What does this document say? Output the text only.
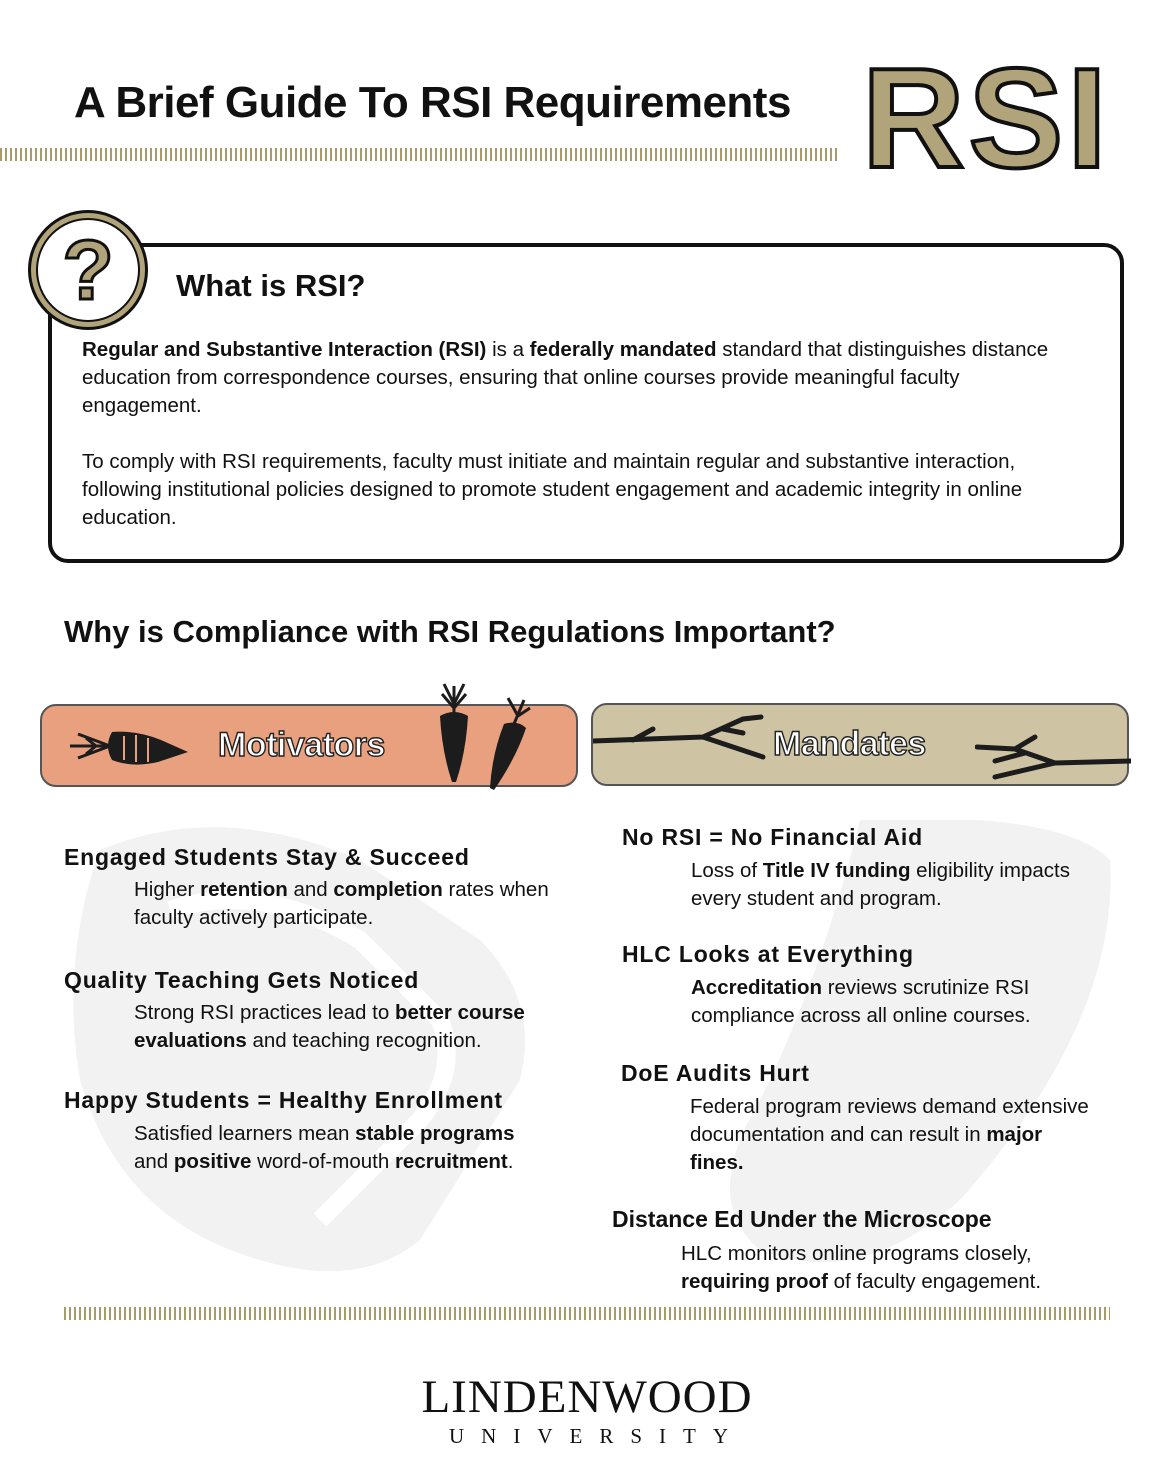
A Brief Guide To RSI Requirements RSI
? What is RSI?
Regular and Substantive Interaction (RSI) is a federally mandated standard that distinguishes distance education from correspondence courses, ensuring that online courses provide meaningful faculty engagement.
To comply with RSI requirements, faculty must initiate and maintain regular and substantive interaction, following institutional policies designed to promote student engagement and academic integrity in online education.
Why is Compliance with RSI Regulations Important?
Motivators	Mandates
Engaged Students Stay & Succeed
Higher retention and completion rates when faculty actively participate.
Quality Teaching Gets Noticed
Strong RSI practices lead to better course evaluations and teaching recognition.
Happy Students = Healthy Enrollment
Satisfied learners mean stable programs and positive word-of-mouth recruitment.
No RSI = No Financial Aid
Loss of Title IV funding eligibility impacts every student and program.
HLC Looks at Everything
Accreditation reviews scrutinize RSI compliance across all online courses.
DoE Audits Hurt
Federal program reviews demand extensive documentation and can result in major fines.
Distance Ed Under the Microscope
HLC monitors online programs closely, requiring proof of faculty engagement.
LINDENWOOD
UNIVERSITY
